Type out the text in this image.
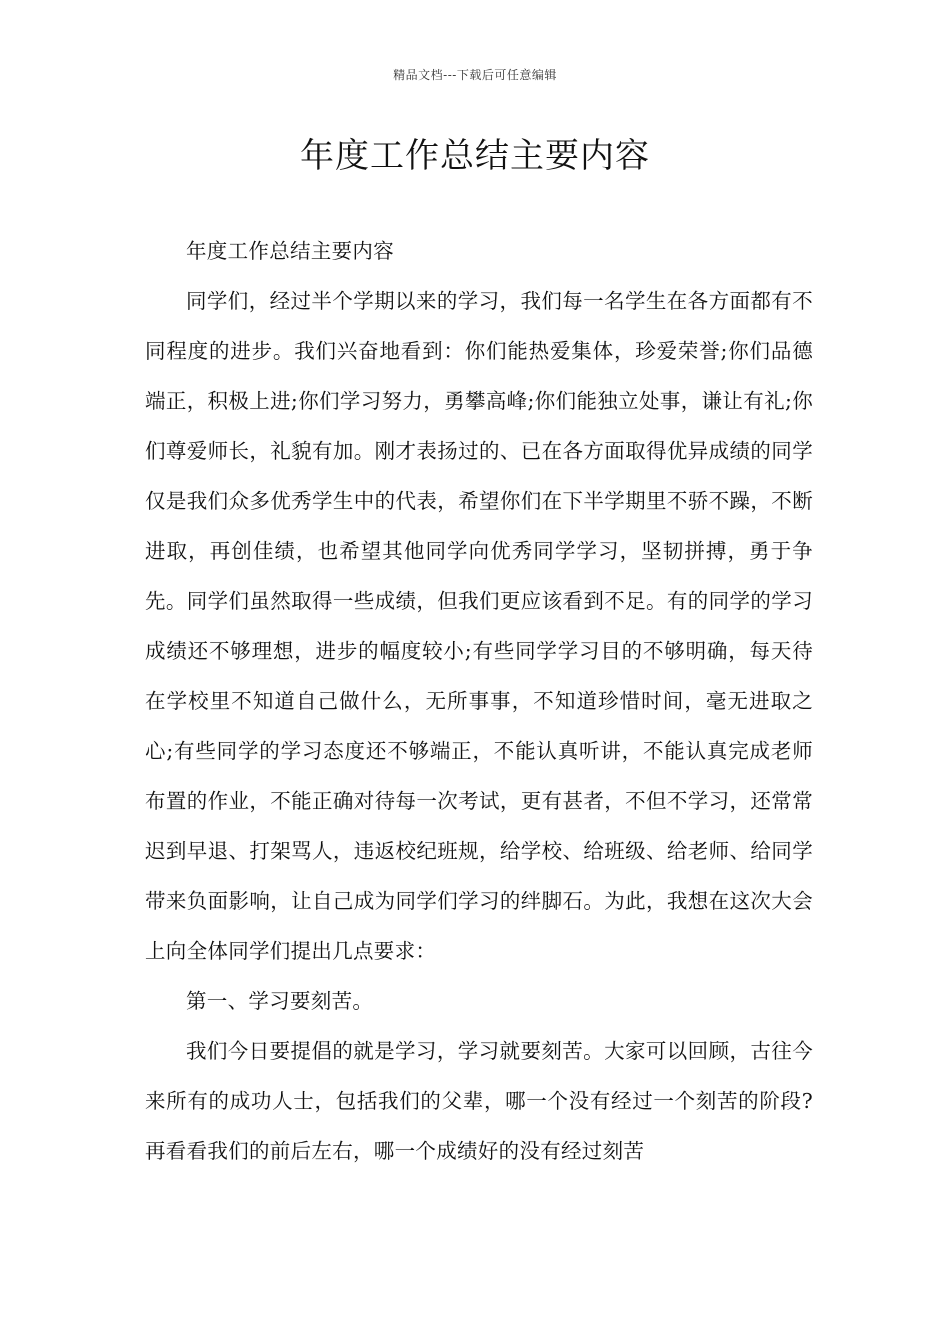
精品文档---下载后可任意编辑
年度工作总结主要内容

年度工作总结主要内容

同学们，经过半个学期以来的学习，我们每一名学生在各方面都有不同程度的进步。我们兴奋地看到：你们能热爱集体，珍爱荣誉;你们品德端正，积极上进;你们学习努力，勇攀高峰;你们能独立处事，谦让有礼;你们尊爱师长，礼貌有加。刚才表扬过的、已在各方面取得优异成绩的同学仅是我们众多优秀学生中的代表，希望你们在下半学期里不骄不躁，不断进取，再创佳绩，也希望其他同学向优秀同学学习，坚韧拼搏，勇于争先。同学们虽然取得一些成绩，但我们更应该看到不足。有的同学的学习成绩还不够理想，进步的幅度较小;有些同学学习目的不够明确，每天待在学校里不知道自己做什么，无所事事，不知道珍惜时间，毫无进取之心;有些同学的学习态度还不够端正，不能认真听讲，不能认真完成老师布置的作业，不能正确对待每一次考试，更有甚者，不但不学习，还常常迟到早退、打架骂人，违返校纪班规，给学校、给班级、给老师、给同学带来负面影响，让自己成为同学们学习的绊脚石。为此，我想在这次大会上向全体同学们提出几点要求：

第一、学习要刻苦。

我们今日要提倡的就是学习，学习就要刻苦。大家可以回顾，古往今来所有的成功人士，包括我们的父辈，哪一个没有经过一个刻苦的阶段?再看看我们的前后左右，哪一个成绩好的没有经过刻苦
